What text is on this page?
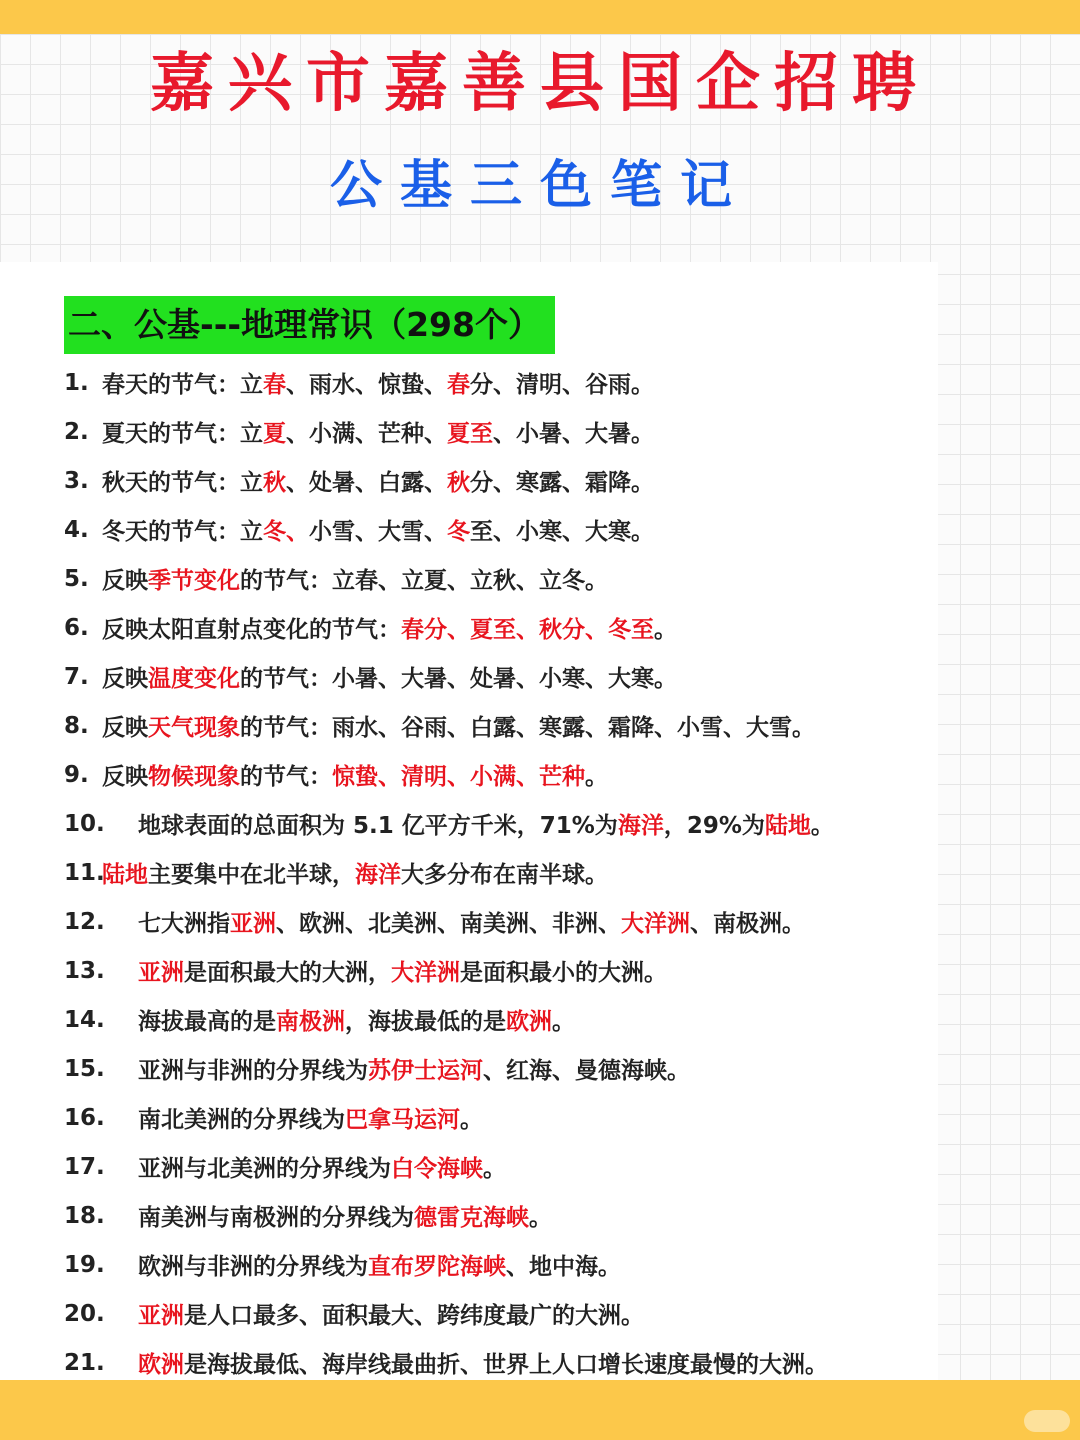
嘉兴市嘉善县国企招聘
公基三色笔记
二、公基---地理常识（298个）
1. 春天的节气：立春、雨水、惊蛰、春分、清明、谷雨。
2. 夏天的节气：立夏、小满、芒种、夏至、小暑、大暑。
3. 秋天的节气：立秋、处暑、白露、秋分、寒露、霜降。
4. 冬天的节气：立冬、小雪、大雪、冬至、小寒、大寒。
5. 反映季节变化的节气：立春、立夏、立秋、立冬。
6. 反映太阳直射点变化的节气：春分、夏至、秋分、冬至。
7. 反映温度变化的节气：小暑、大暑、处暑、小寒、大寒。
8. 反映天气现象的节气：雨水、谷雨、白露、寒露、霜降、小雪、大雪。
9. 反映物候现象的节气：惊蛰、清明、小满、芒种。
10.	地球表面的总面积为 5.1 亿平方千米，71%为海洋，29%为陆地。
11.
陆地主要集中在北半球，海洋大多分布在南半球。
12.	七大洲指亚洲、欧洲、北美洲、南美洲、非洲、大洋洲、南极洲。
13.	亚洲是面积最大的大洲，大洋洲是面积最小的大洲。
14.	海拔最高的是南极洲，海拔最低的是欧洲。
15.	亚洲与非洲的分界线为苏伊士运河、红海、曼德海峡。
16.	南北美洲的分界线为巴拿马运河。
17.	亚洲与北美洲的分界线为白令海峡。
18.	南美洲与南极洲的分界线为德雷克海峡。
19.	欧洲与非洲的分界线为直布罗陀海峡、地中海。
20.	亚洲是人口最多、面积最大、跨纬度最广的大洲。
21.	欧洲是海拔最低、海岸线最曲折、世界上人口增长速度最慢的大洲。
